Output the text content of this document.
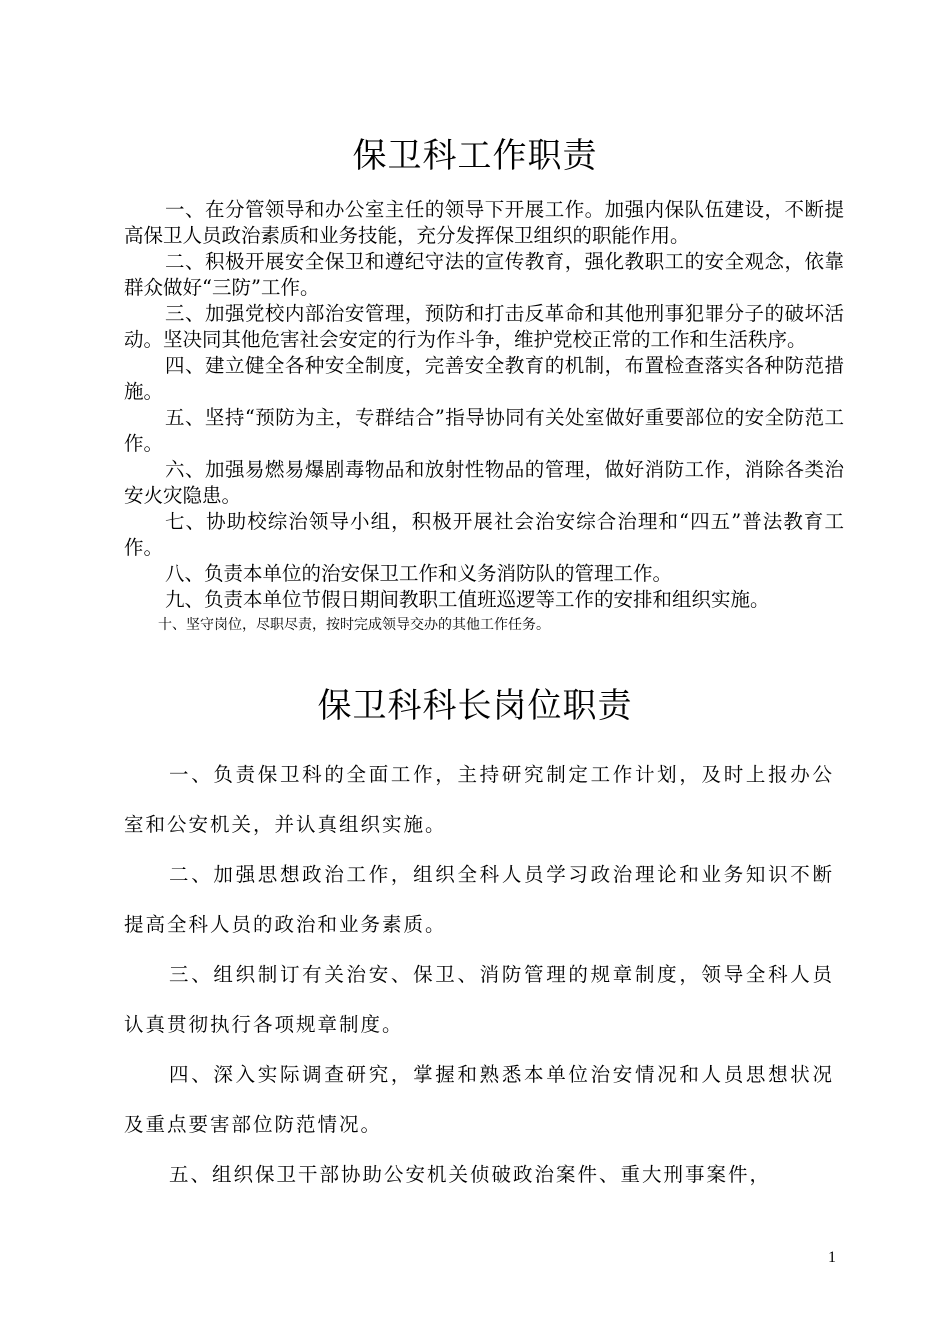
保卫科工作职责

一、在分管领导和办公室主任的领导下开展工作。加强内保队伍建设，不断提高保卫人员政治素质和业务技能，充分发挥保卫组织的职能作用。

二、积极开展安全保卫和遵纪守法的宣传教育，强化教职工的安全观念，依靠群众做好“三防”工作。

三、加强党校内部治安管理，预防和打击反革命和其他刑事犯罪分子的破坏活动。坚决同其他危害社会安定的行为作斗争，维护党校正常的工作和生活秩序。

四、建立健全各种安全制度，完善安全教育的机制，布置检查落实各种防范措施。

五、坚持“预防为主，专群结合”指导协同有关处室做好重要部位的安全防范工作。

六、加强易燃易爆剧毒物品和放射性物品的管理，做好消防工作，消除各类治安火灾隐患。

七、协助校综治领导小组，积极开展社会治安综合治理和“四五”普法教育工作。

八、负责本单位的治安保卫工作和义务消防队的管理工作。

九、负责本单位节假日期间教职工值班巡逻等工作的安排和组织实施。

十、坚守岗位，尽职尽责，按时完成领导交办的其他工作任务。

保卫科科长岗位职责

一、负责保卫科的全面工作，主持研究制定工作计划，及时上报办公室和公安机关，并认真组织实施。

二、加强思想政治工作，组织全科人员学习政治理论和业务知识不断提高全科人员的政治和业务素质。

三、组织制订有关治安、保卫、消防管理的规章制度，领导全科人员认真贯彻执行各项规章制度。

四、深入实际调查研究，掌握和熟悉本单位治安情况和人员思想状况及重点要害部位防范情况。

五、组织保卫干部协助公安机关侦破政治案件、重大刑事案件，

1
